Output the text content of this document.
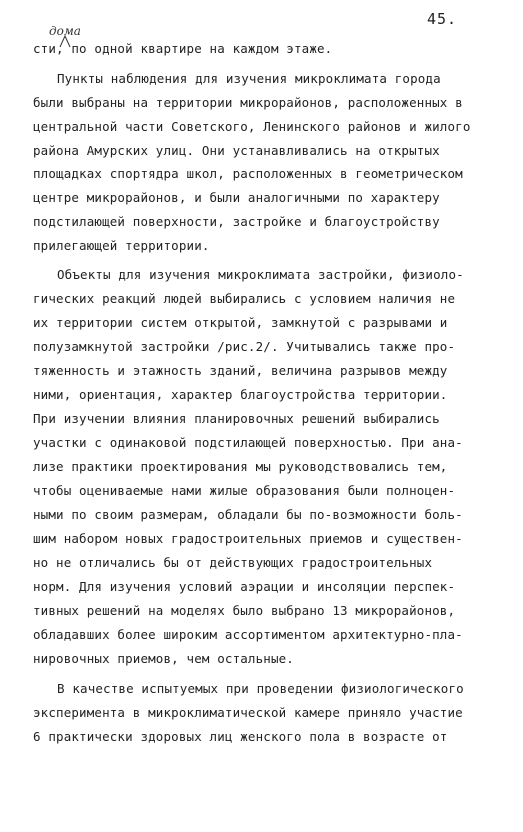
45.
дома
сти, по одной квартире на каждом этаже.
Пункты наблюдения для изучения микроклимата города
были выбраны на территории микрорайонов, расположенных в
центральной части Советского, Ленинского районов и жилого
района Амурских улиц. Они устанавливались на открытых
площадках спортядра школ, расположенных в геометрическом
центре микрорайонов, и были аналогичными по характеру
подстилающей поверхности, застройке и благоустройству
прилегающей территории.
Объекты для изучения микроклимата застройки, физиоло-
гических реакций людей выбирались с условием наличия не
их территории систем открытой, замкнутой с разрывами и
полузамкнутой застройки /рис.2/. Учитывались также про-
тяженность и этажность зданий, величина разрывов между
ними, ориентация, характер благоустройства территории.
При изучении влияния планировочных решений выбирались
участки с одинаковой подстилающей поверхностью. При ана-
лизе практики проектирования мы руководствовались тем,
чтобы оцениваемые нами жилые образования были полноцен-
ными по своим размерам, обладали бы по-возможности боль-
шим набором новых градостроительных приемов и существен-
но не отличались бы от действующих градостроительных
норм. Для изучения условий аэрации и инсоляции перспек-
тивных решений на моделях было выбрано 13 микрорайонов,
обладавших более широким ассортиментом архитектурно-пла-
нировочных приемов, чем остальные.
В качестве испытуемых при проведении физиологического
эксперимента в микроклиматической камере приняло участие
6 практически здоровых лиц женского пола в возрасте от
